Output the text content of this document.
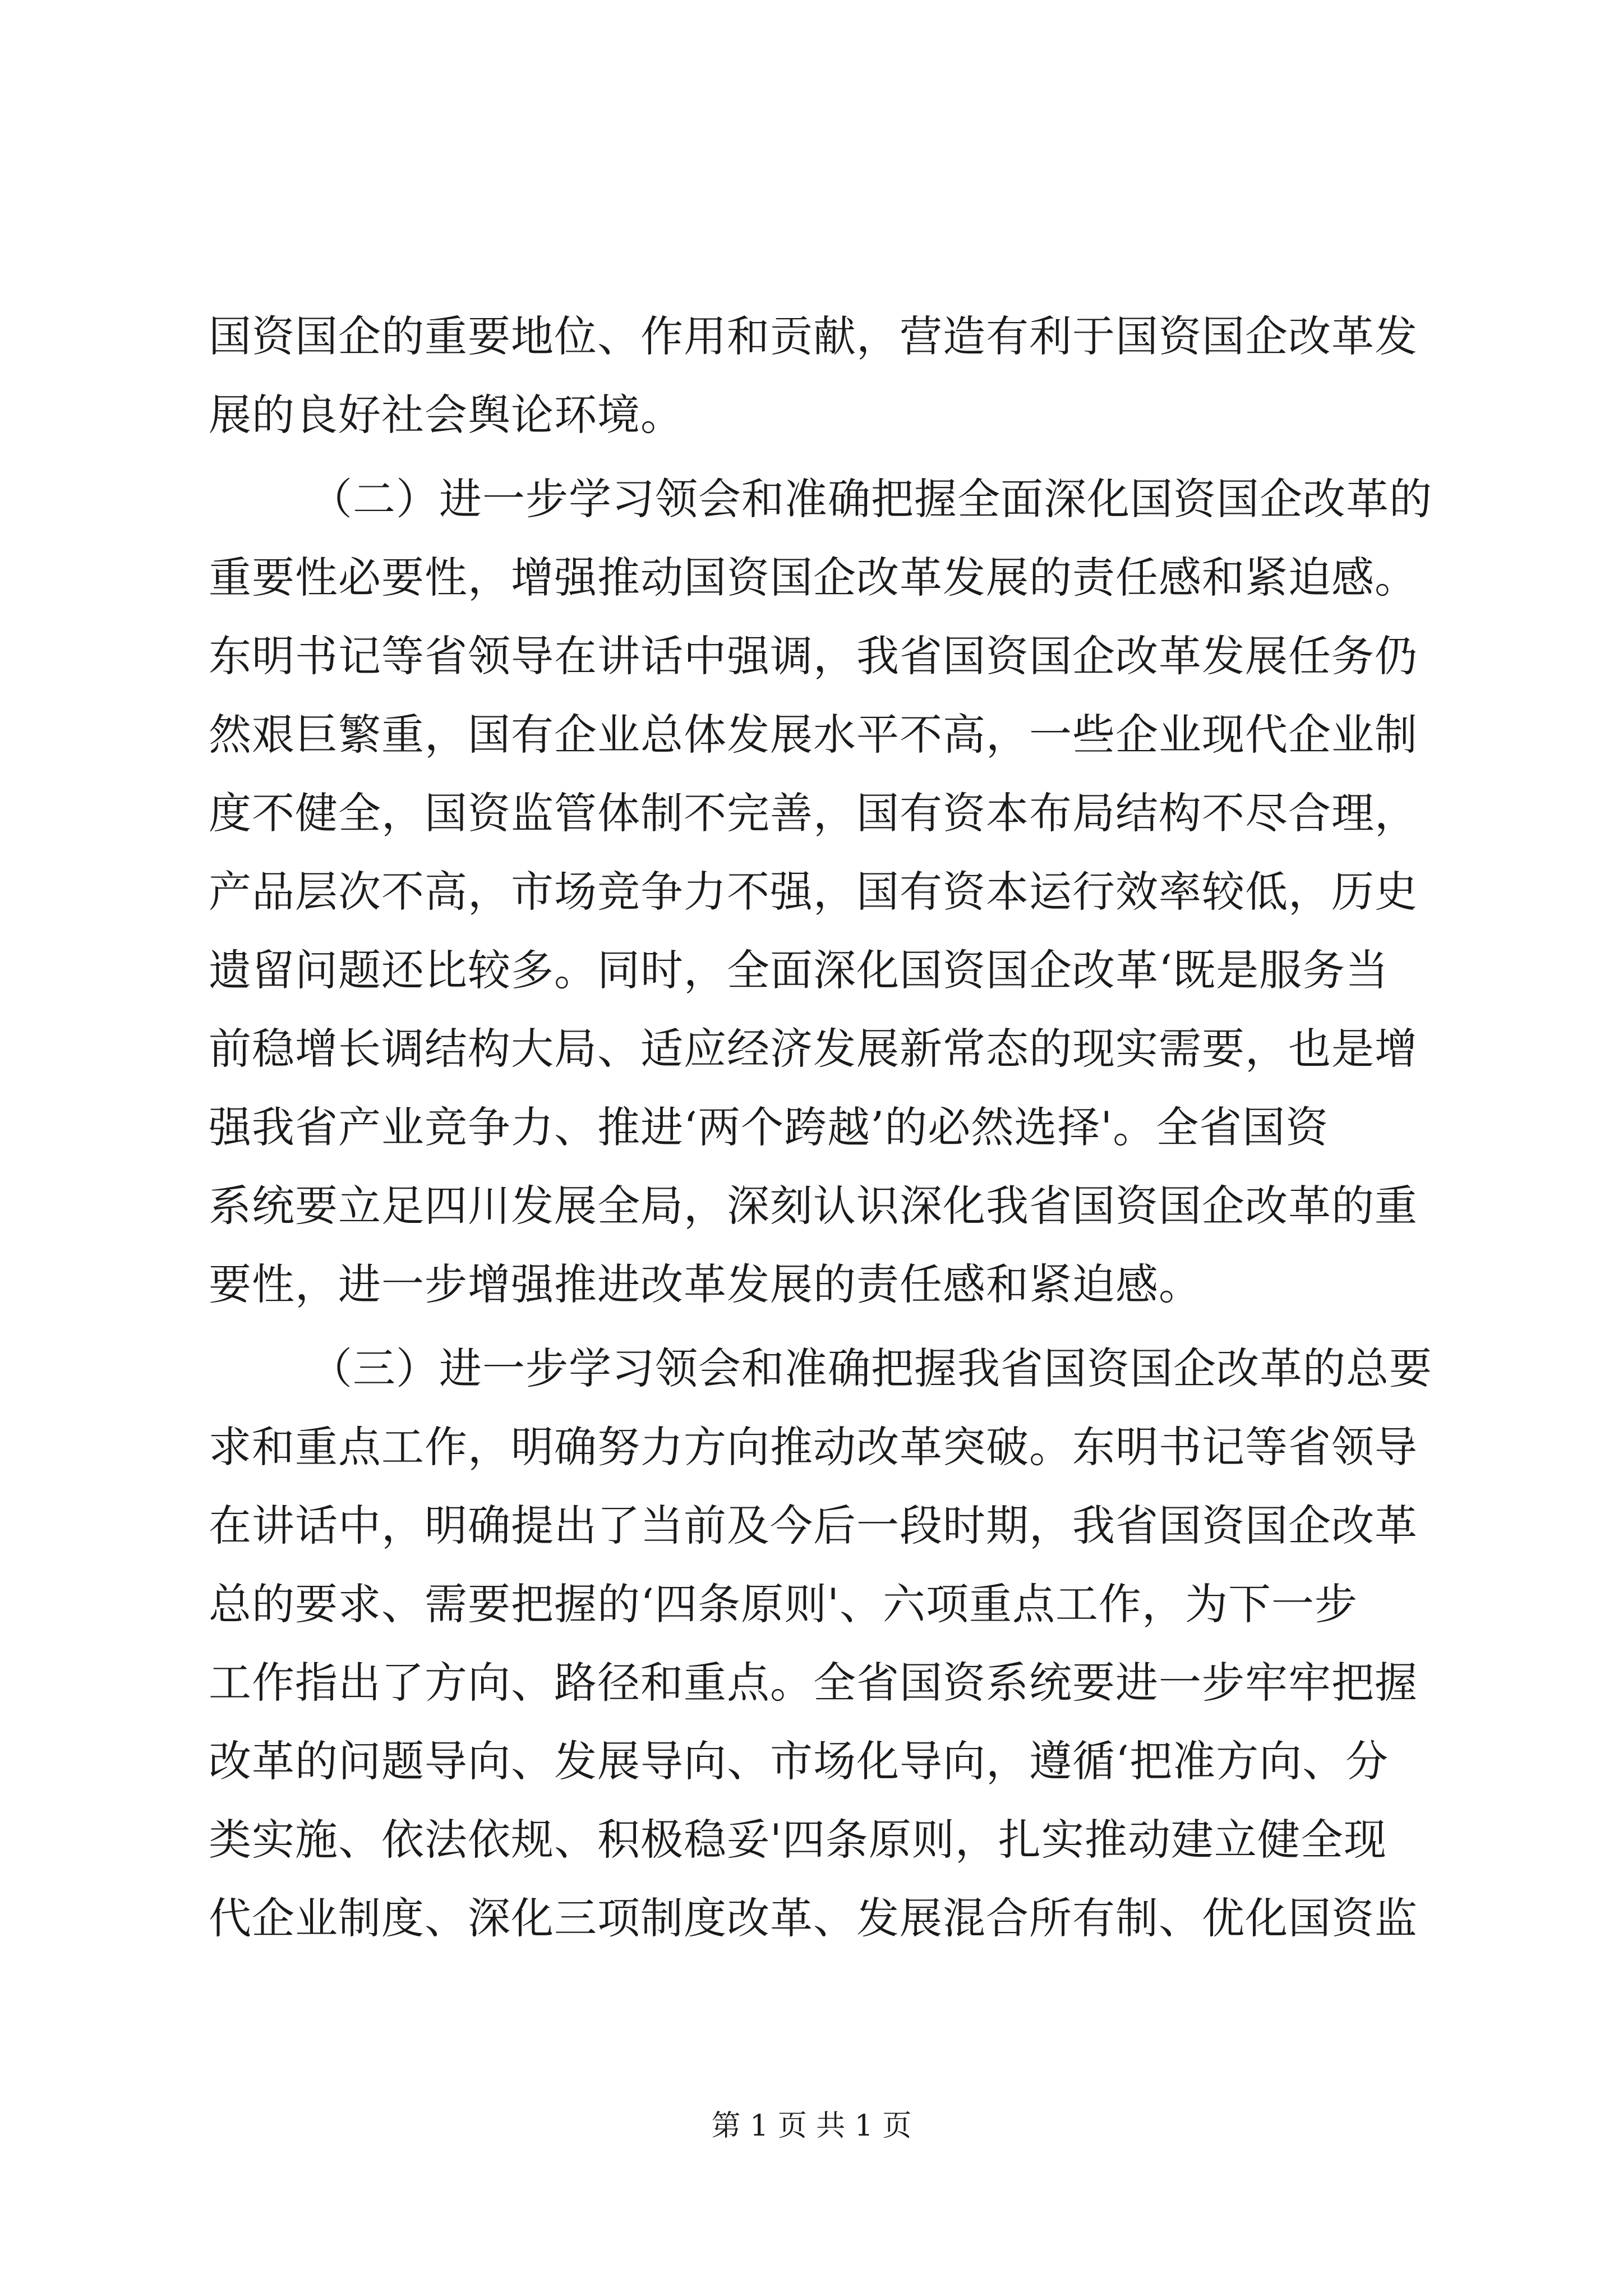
国资国企的重要地位、作用和贡献，营造有利于国资国企改革发
展的良好社会舆论环境。
（二）进一步学习领会和准确把握全面深化国资国企改革的
重要性必要性，增强推动国资国企改革发展的责任感和紧迫感。
东明书记等省领导在讲话中强调，我省国资国企改革发展任务仍
然艰巨繁重，国有企业总体发展水平不高，一些企业现代企业制
度不健全，国资监管体制不完善，国有资本布局结构不尽合理，
产品层次不高，市场竞争力不强，国有资本运行效率较低，历史
遗留问题还比较多。同时，全面深化国资国企改革‘既是服务当
前稳增长调结构大局、适应经济发展新常态的现实需要，也是增
强我省产业竞争力、推进‘两个跨越’的必然选择'。全省国资
系统要立足四川发展全局，深刻认识深化我省国资国企改革的重
要性，进一步增强推进改革发展的责任感和紧迫感。
（三）进一步学习领会和准确把握我省国资国企改革的总要
求和重点工作，明确努力方向推动改革突破。东明书记等省领导
在讲话中，明确提出了当前及今后一段时期，我省国资国企改革
总的要求、需要把握的‘四条原则'、六项重点工作，为下一步
工作指出了方向、路径和重点。全省国资系统要进一步牢牢把握
改革的问题导向、发展导向、市场化导向，遵循‘把准方向、分
类实施、依法依规、积极稳妥'四条原则，扎实推动建立健全现
代企业制度、深化三项制度改革、发展混合所有制、优化国资监
第 1 页 共 1 页
